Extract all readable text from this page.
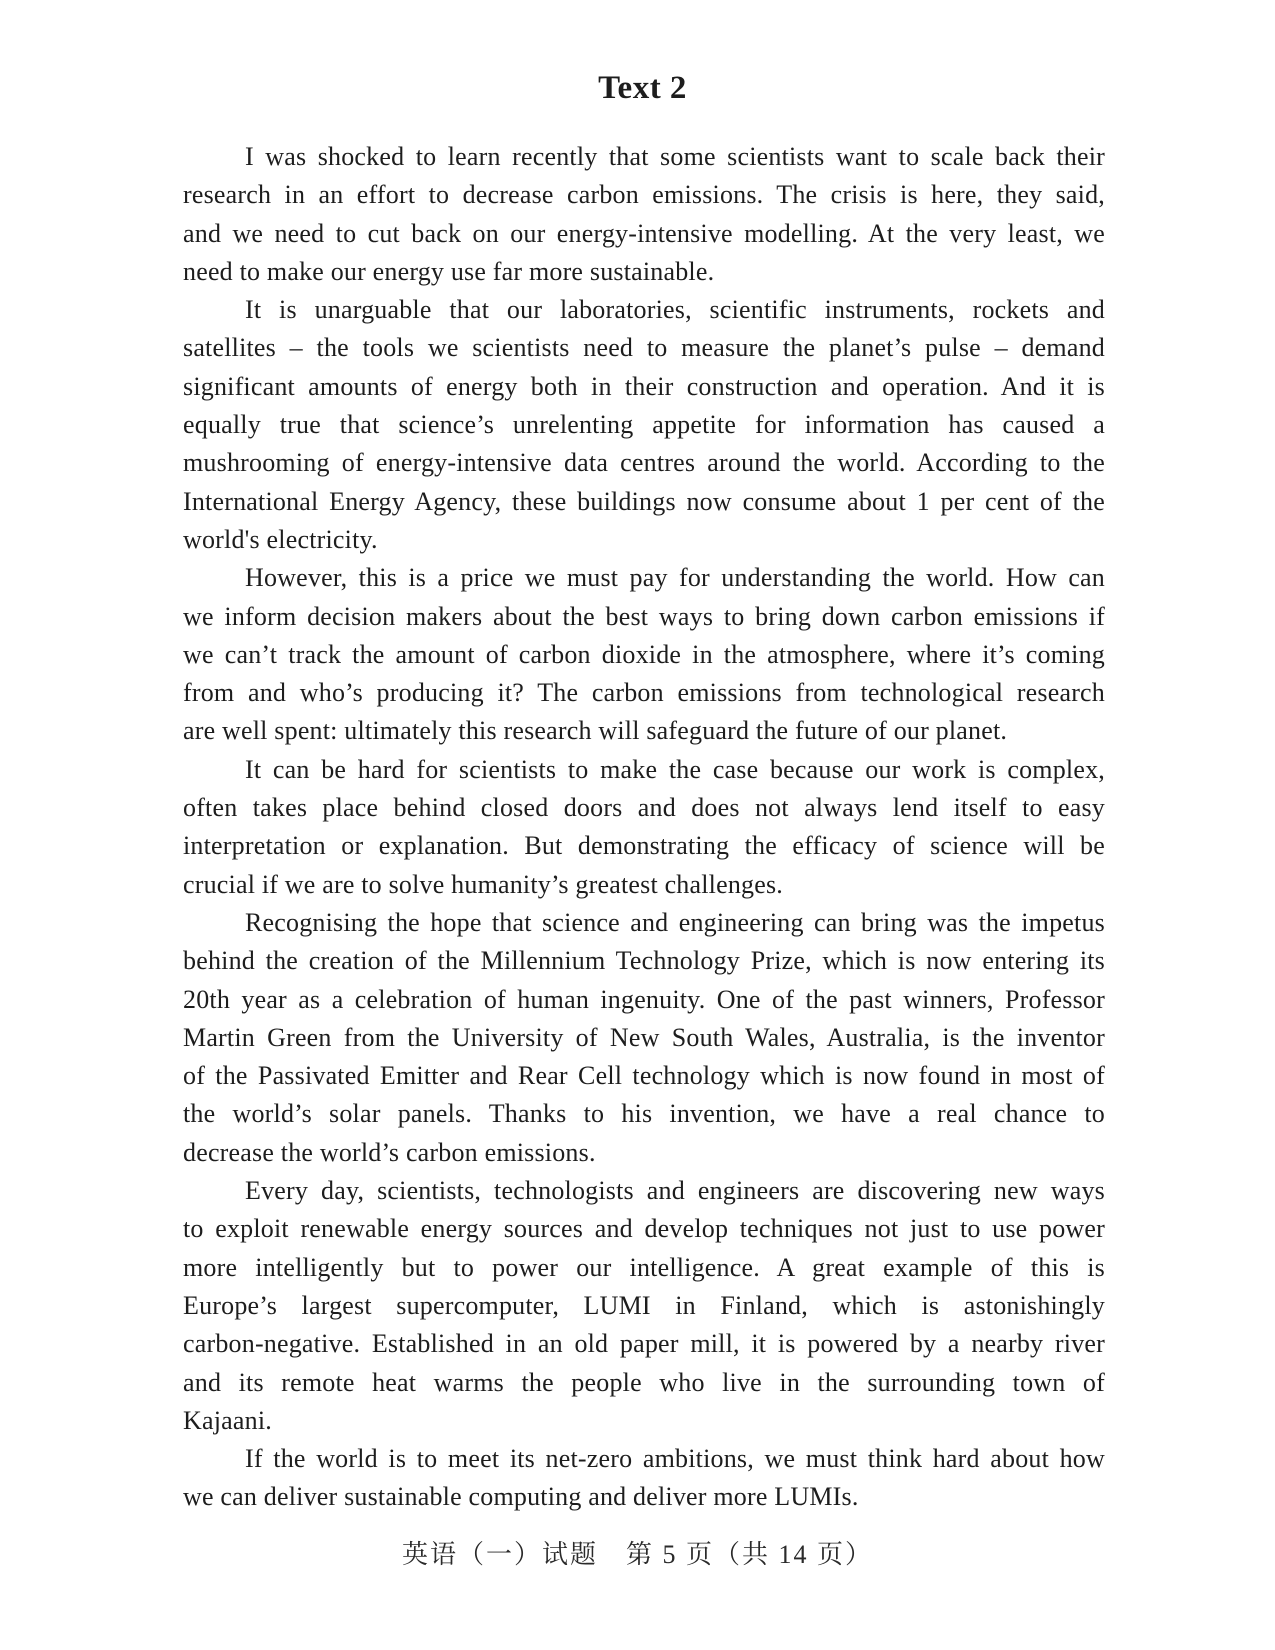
Text 2
I was shocked to learn recently that some scientists want to scale back their
research in an effort to decrease carbon emissions. The crisis is here, they said,
and we need to cut back on our energy-intensive modelling. At the very least, we
need to make our energy use far more sustainable.
It is unarguable that our laboratories, scientific instruments, rockets and
satellites – the tools we scientists need to measure the planet’s pulse – demand
significant amounts of energy both in their construction and operation. And it is
equally true that science’s unrelenting appetite for information has caused a
mushrooming of energy-intensive data centres around the world. According to the
International Energy Agency, these buildings now consume about 1 per cent of the
world's electricity.
However, this is a price we must pay for understanding the world. How can
we inform decision makers about the best ways to bring down carbon emissions if
we can’t track the amount of carbon dioxide in the atmosphere, where it’s coming
from and who’s producing it? The carbon emissions from technological research
are well spent: ultimately this research will safeguard the future of our planet.
It can be hard for scientists to make the case because our work is complex,
often takes place behind closed doors and does not always lend itself to easy
interpretation or explanation. But demonstrating the efficacy of science will be
crucial if we are to solve humanity’s greatest challenges.
Recognising the hope that science and engineering can bring was the impetus
behind the creation of the Millennium Technology Prize, which is now entering its
20th year as a celebration of human ingenuity. One of the past winners, Professor
Martin Green from the University of New South Wales, Australia, is the inventor
of the Passivated Emitter and Rear Cell technology which is now found in most of
the world’s solar panels. Thanks to his invention, we have a real chance to
decrease the world’s carbon emissions.
Every day, scientists, technologists and engineers are discovering new ways
to exploit renewable energy sources and develop techniques not just to use power
more intelligently but to power our intelligence. A great example of this is
Europe’s largest supercomputer, LUMI in Finland, which is astonishingly
carbon-negative. Established in an old paper mill, it is powered by a nearby river
and its remote heat warms the people who live in the surrounding town of
Kajaani.
If the world is to meet its net-zero ambitions, we must think hard about how
we can deliver sustainable computing and deliver more LUMIs.
英语（一）试题　第 5 页（共 14 页）
